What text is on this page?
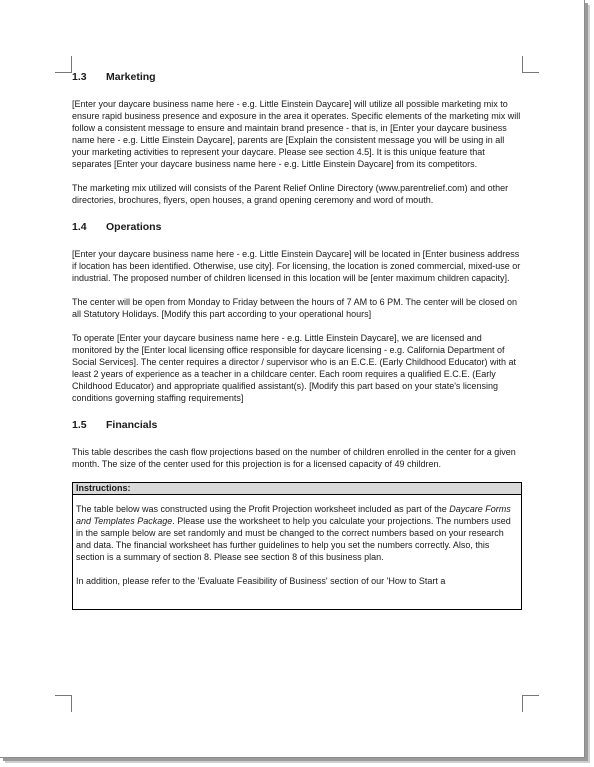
1.3 Marketing

[Enter your daycare business name here - e.g. Little Einstein Daycare] will utilize all possible marketing mix to ensure rapid business presence and exposure in the area it operates. Specific elements of the marketing mix will follow a consistent message to ensure and maintain brand presence - that is, in [Enter your daycare business name here - e.g. Little Einstein Daycare], parents are [Explain the consistent message you will be using in all your marketing activities to represent your daycare. Please see section 4.5]. It is this unique feature that separates [Enter your daycare business name here - e.g. Little Einstein Daycare] from its competitors.

The marketing mix utilized will consists of the Parent Relief Online Directory (www.parentrelief.com) and other directories, brochures, flyers, open houses, a grand opening ceremony and word of mouth.

1.4 Operations

[Enter your daycare business name here - e.g. Little Einstein Daycare] will be located in [Enter business address if location has been identified. Otherwise, use city]. For licensing, the location is zoned commercial, mixed-use or industrial. The proposed number of children licensed in this location will be [enter maximum children capacity].

The center will be open from Monday to Friday between the hours of 7 AM to 6 PM. The center will be closed on all Statutory Holidays. [Modify this part according to your operational hours]

To operate [Enter your daycare business name here - e.g. Little Einstein Daycare], we are licensed and monitored by the [Enter local licensing office responsible for daycare licensing - e.g. California Department of Social Services]. The center requires a director / supervisor who is an E.C.E. (Early Childhood Educator) with at least 2 years of experience as a teacher in a childcare center. Each room requires a qualified E.C.E. (Early Childhood Educator) and appropriate qualified assistant(s). [Modify this part based on your state's licensing conditions governing staffing requirements]

1.5 Financials

This table describes the cash flow projections based on the number of children enrolled in the center for a given month. The size of the center used for this projection is for a licensed capacity of 49 children.

Instructions:

The table below was constructed using the Profit Projection worksheet included as part of the Daycare Forms and Templates Package. Please use the worksheet to help you calculate your projections. The numbers used in the sample below are set randomly and must be changed to the correct numbers based on your research and data. The financial worksheet has further guidelines to help you set the numbers correctly. Also, this section is a summary of section 8. Please see section 8 of this business plan.

In addition, please refer to the 'Evaluate Feasibility of Business' section of our 'How to Start a
